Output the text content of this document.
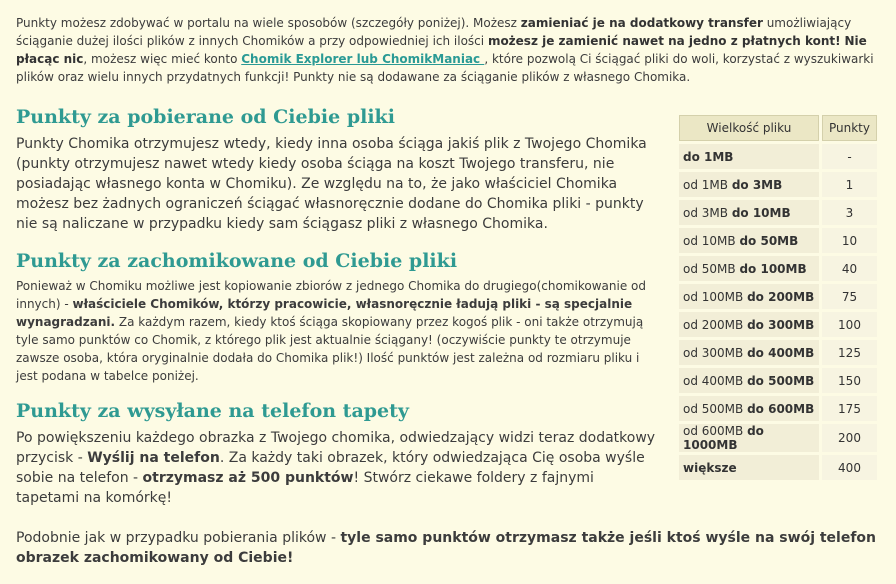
Punkty możesz zdobywać w portalu na wiele sposobów (szczegóły poniżej). Możesz zamieniać je na dodatkowy transfer umożliwiający ściąganie dużej ilości plików z innych Chomików a przy odpowiedniej ich ilości możesz je zamienić nawet na jedno z płatnych kont! Nie płacąc nic, możesz więc mieć konto Chomik Explorer lub ChomikManiac , które pozwolą Ci ściągać pliki do woli, korzystać z wyszukiwarki plików oraz wielu innych przydatnych funkcji! Punkty nie są dodawane za ściąganie plików z własnego Chomika.
Punkty za pobierane od Ciebie pliki

Punkty Chomika otrzymujesz wtedy, kiedy inna osoba ściąga jakiś plik z Twojego Chomika (punkty otrzymujesz nawet wtedy kiedy osoba ściąga na koszt Twojego transferu, nie posiadając własnego konta w Chomiku). Ze względu na to, że jako właściciel Chomika możesz bez żadnych ograniczeń ściągać własnoręcznie dodane do Chomika pliki - punkty nie są naliczane w przypadku kiedy sam ściągasz pliki z własnego Chomika.

Punkty za zachomikowane od Ciebie pliki

Ponieważ w Chomiku możliwe jest kopiowanie zbiorów z jednego Chomika do drugiego(chomikowanie od innych) - właściciele Chomików, którzy pracowicie, własnoręcznie ładują pliki - są specjalnie wynagradzani. Za każdym razem, kiedy ktoś ściąga skopiowany przez kogoś plik - oni także otrzymują tyle samo punktów co Chomik, z którego plik jest aktualnie ściągany! (oczywiście punkty te otrzymuje zawsze osoba, która oryginalnie dodała do Chomika plik!) Ilość punktów jest zależna od rozmiaru pliku i jest podana w tabelce poniżej.

Punkty za wysyłane na telefon tapety

Po powiększeniu każdego obrazka z Twojego chomika, odwiedzający widzi teraz dodatkowy przycisk - Wyślij na telefon. Za każdy taki obrazek, który odwiedzająca Cię osoba wyśle sobie na telefon - otrzymasz aż 500 punktów! Stwórz ciekawe foldery z fajnymi tapetami na komórkę!

Podobnie jak w przypadku pobierania plików - tyle samo punktów otrzymasz także jeśli ktoś wyśle na swój telefon obrazek zachomikowany od Ciebie!
Wielkość pliku	Punkty
do 1MB	-
od 1MB do 3MB	1
od 3MB do 10MB	3
od 10MB do 50MB	10
od 50MB do 100MB	40
od 100MB do 200MB	75
od 200MB do 300MB	100
od 300MB do 400MB	125
od 400MB do 500MB	150
od 500MB do 600MB	175
od 600MB do 1000MB	200
większe	400
